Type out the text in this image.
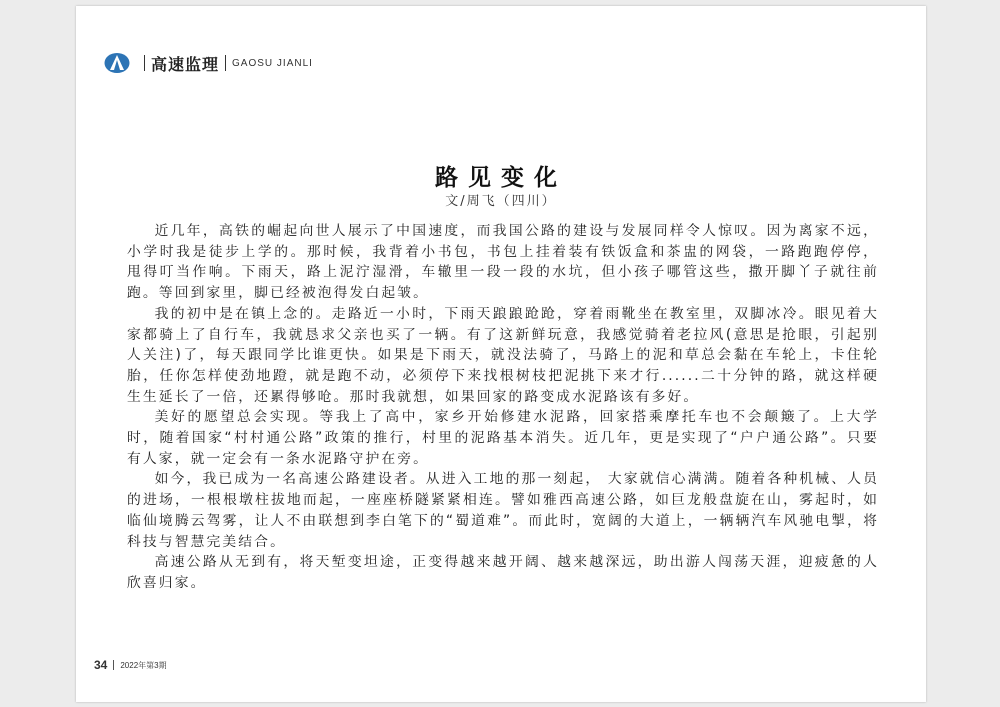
高速监理 GAOSU JIANLI
路见变化
文/周飞（四川）

近几年，高铁的崛起向世人展示了中国速度，而我国公路的建设与发展同样令人惊叹。因为离家不远，小学时我是徒步上学的。那时候，我背着小书包，书包上挂着装有铁饭盒和茶盅的网袋，一路跑跑停停， 甩得叮当作响。下雨天，路上泥泞湿滑，车辙里一段一段的水坑，但小孩子哪管这些，撒开脚丫子就往前跑。等回到家里，脚已经被泡得发白起皱。

我的初中是在镇上念的。走路近一小时，下雨天踉踉跄跄，穿着雨靴坐在教室里，双脚冰冷。眼见着大家都骑上了自行车，我就恳求父亲也买了一辆。有了这新鲜玩意，我感觉骑着老拉风(意思是抢眼，引起别人关注)了，每天跟同学比谁更快。如果是下雨天，就没法骑了，马路上的泥和草总会黏在车轮上，卡住轮胎，任你怎样使劲地蹬，就是跑不动，必须停下来找根树枝把泥挑下来才行......二十分钟的路，就这样硬生生延长了一倍，还累得够呛。那时我就想，如果回家的路变成水泥路该有多好。

美好的愿望总会实现。等我上了高中，家乡开始修建水泥路，回家搭乘摩托车也不会颠簸了。上大学时，随着国家“村村通公路”政策的推行，村里的泥路基本消失。近几年，更是实现了“户户通公路”。只要有人家，就一定会有一条水泥路守护在旁。

如今，我已成为一名高速公路建设者。从进入工地的那一刻起， 大家就信心满满。随着各种机械、人员的进场，一根根墩柱拔地而起，一座座桥隧紧紧相连。譬如雅西高速公路，如巨龙般盘旋在山，雾起时，如临仙境腾云驾雾，让人不由联想到李白笔下的“蜀道难”。而此时，宽阔的大道上，一辆辆汽车风驰电掣，将科技与智慧完美结合。

高速公路从无到有，将天堑变坦途，正变得越来越开阔、越来越深远，助出游人闯荡天涯，迎疲惫的人欣喜归家。

34 2022年第3期
